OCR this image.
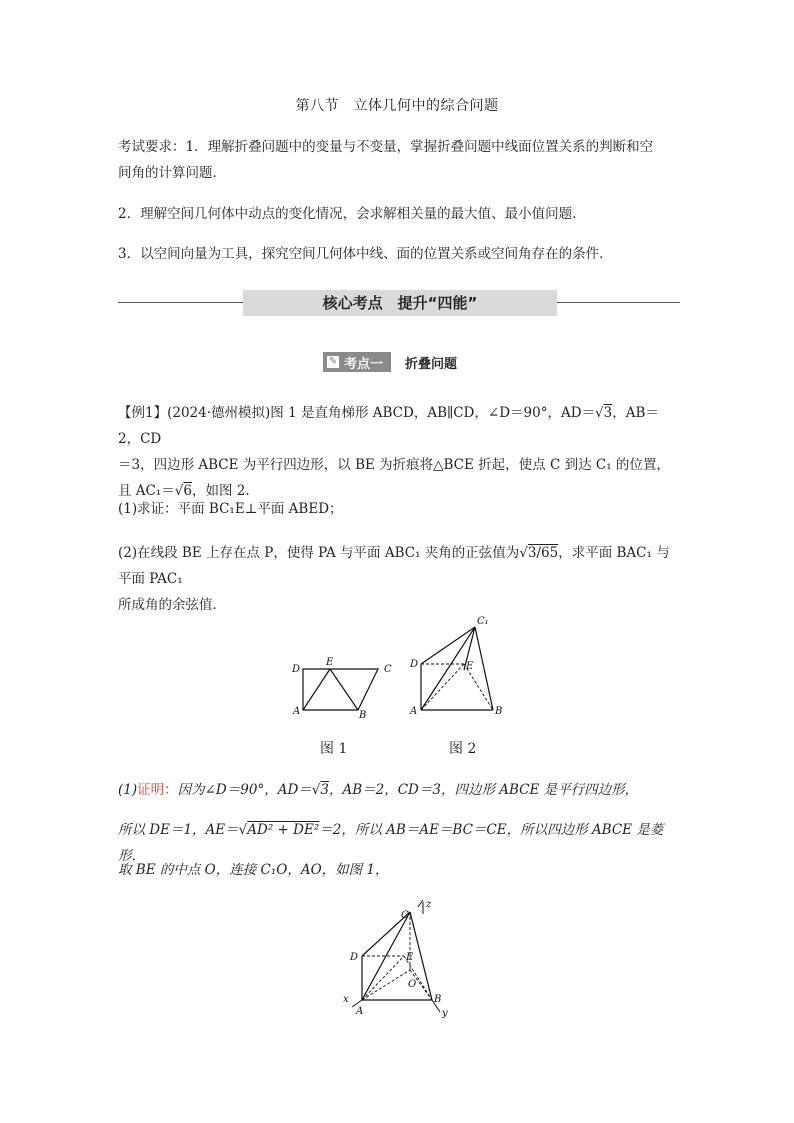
第八节　立体几何中的综合问题
考试要求：1．理解折叠问题中的变量与不变量，掌握折叠问题中线面位置关系的判断和空
间角的计算问题．
2．理解空间几何体中动点的变化情况，会求解相关量的最大值、最小值问题．
3．以空间向量为工具，探究空间几何体中线、面的位置关系或空间角存在的条件．
核心考点　提升“四能”
✎ 考点一 折叠问题
【例1】(2024·德州模拟)图 1 是直角梯形 ABCD，AB∥CD，∠D＝90°，AD＝√3，AB＝2，CD
＝3，四边形 ABCE 为平行四边形，以 BE 为折痕将△BCE 折起，使点 C 到达 C₁ 的位置，
且 AC₁＝√6，如图 2.
(1)求证：平面 BC₁E⊥平面 ABED；
(2)在线段 BE 上存在点 P，使得 PA 与平面 ABC₁ 夹角的正弦值为√3/65，求平面 BAC₁ 与平面 PAC₁
所成角的余弦值．
D
E
C
A	B
图 1
C₁
D	E
A	B
图 2
(1)证明：因为∠D＝90°，AD＝√3，AB＝2，CD＝3，四边形 ABCE 是平行四边形，
所以 DE＝1，AE＝√AD² + DE²＝2，所以 AB＝AE＝BC＝CE，所以四边形 ABCE 是菱形．
取 BE 的中点 O，连接 C₁O，AO，如图 1，
C₁
z
D	E
O
x
A
B
y
